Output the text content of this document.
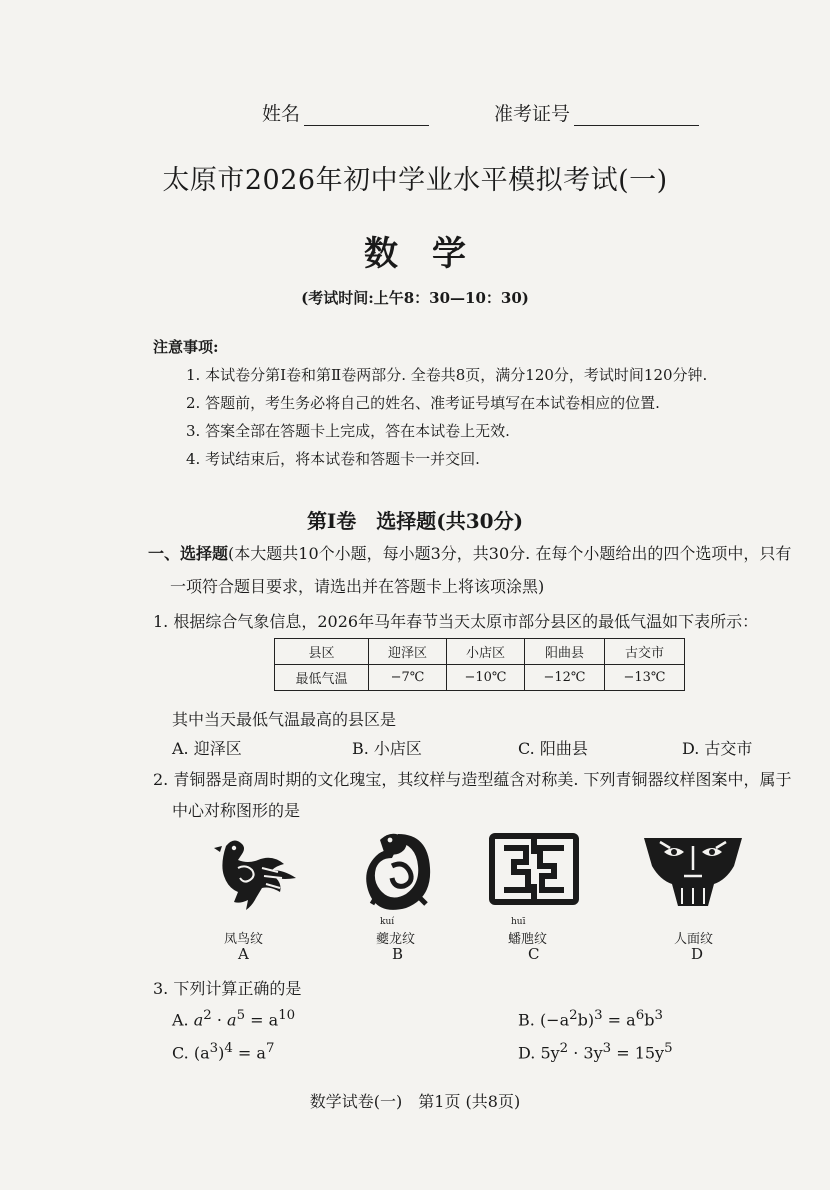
姓名	准考证号
太原市2026年初中学业水平模拟考试(一)
数学
(考试时间:上午8：30—10：30)
注意事项:
1. 本试卷分第Ⅰ卷和第Ⅱ卷两部分. 全卷共8页，满分120分，考试时间120分钟.
2. 答题前，考生务必将自己的姓名、准考证号填写在本试卷相应的位置.
3. 答案全部在答题卡上完成，答在本试卷上无效.
4. 考试结束后，将本试卷和答题卡一并交回.
第Ⅰ卷　选择题(共30分)
一、选择题(本大题共10个小题，每小题3分，共30分. 在每个小题给出的四个选项中，只有
一项符合题目要求，请选出并在答题卡上将该项涂黑)
1. 根据综合气象信息，2026年马年春节当天太原市部分县区的最低气温如下表所示：
县区	迎泽区	小店区	阳曲县	古交市
最低气温	−7℃	−10℃	−12℃	−13℃
其中当天最低气温最高的县区是
A. 迎泽区	B. 小店区	C. 阳曲县	D. 古交市
2. 青铜器是商周时期的文化瑰宝，其纹样与造型蕴含对称美. 下列青铜器纹样图案中，属于
中心对称图形的是
kuí	huī
凤鸟纹	夔龙纹	蟠虺纹	人面纹
A	B	C	D
3. 下列计算正确的是
A. $a^2 \cdot a^5 = a^{10}$	B. $(-a^2b)^3 = a^6b^3$
C. $(a^3)^4 = a^7$	D. $5y^2 \cdot 3y^3 = 15y^5$
数学试卷(一)　第1页 (共8页)
